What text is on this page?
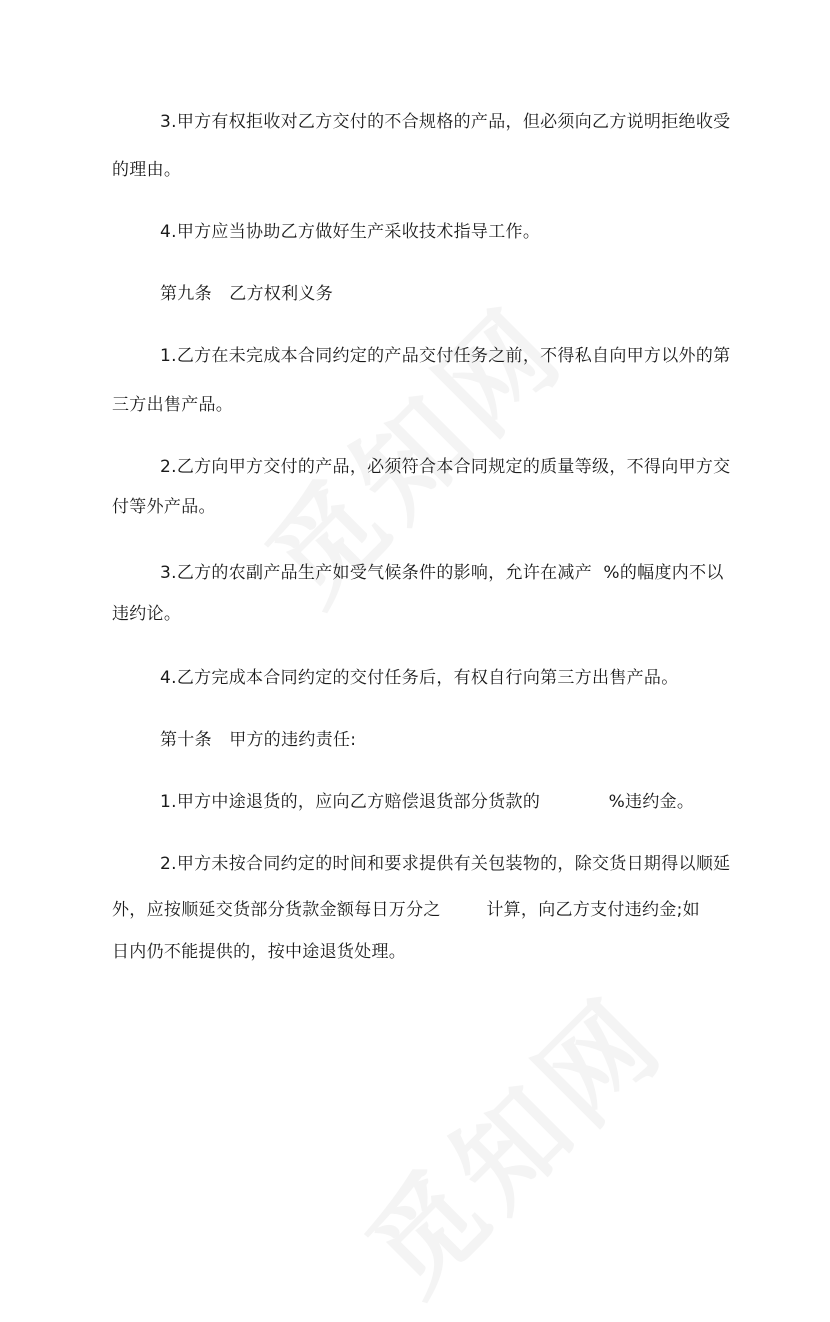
3.甲方有权拒收对乙方交付的不合规格的产品，但必须向乙方说明拒绝收受
的理由。
4.甲方应当协助乙方做好生产采收技术指导工作。
第九条　乙方权利义务
1.乙方在未完成本合同约定的产品交付任务之前，不得私自向甲方以外的第
三方出售产品。
2.乙方向甲方交付的产品，必须符合本合同规定的质量等级，不得向甲方交
付等外产品。
3.乙方的农副产品生产如受气候条件的影响，允许在减产  %的幅度内不以
违约论。
4.乙方完成本合同约定的交付任务后，有权自行向第三方出售产品。
第十条　甲方的违约责任:
1.甲方中途退货的，应向乙方赔偿退货部分货款的            %违约金。
2.甲方未按合同约定的时间和要求提供有关包装物的，除交货日期得以顺延
外，应按顺延交货部分货款金额每日万分之        计算，向乙方支付违约金;如
日内仍不能提供的，按中途退货处理。
